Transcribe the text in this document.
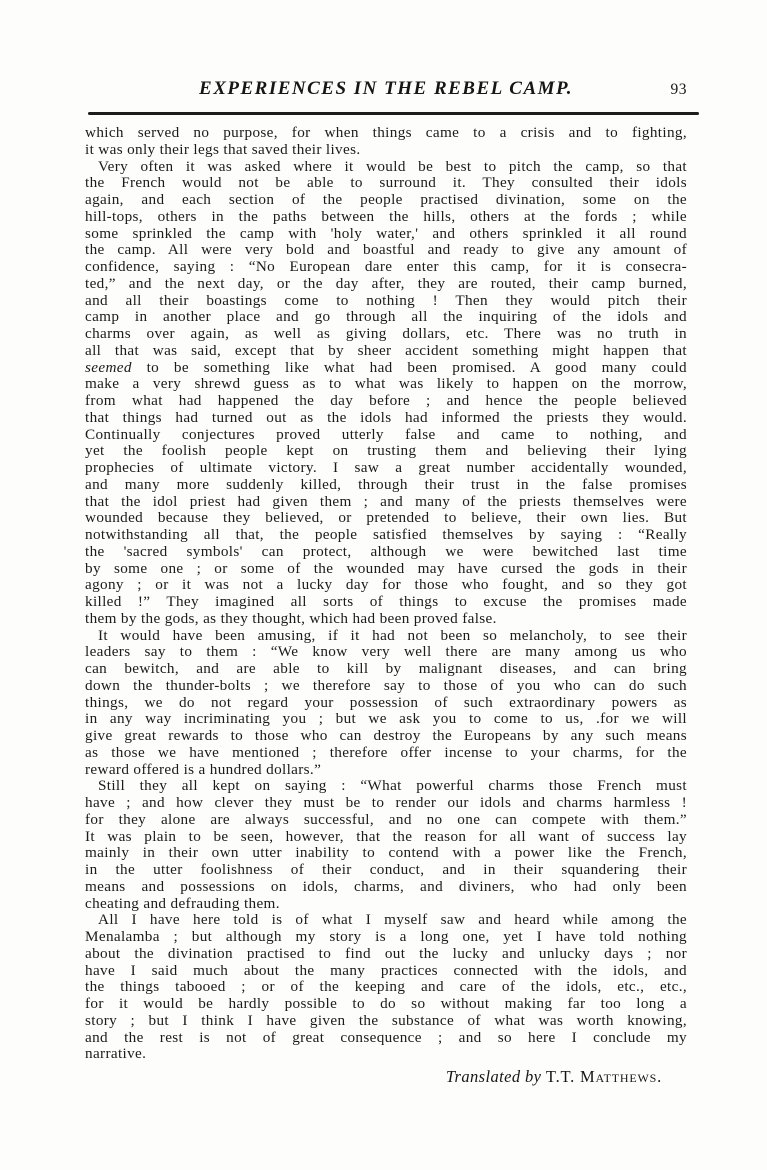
EXPERIENCES IN THE REBEL CAMP.	93
which served no purpose, for when things came to a crisis and to fighting,
it was only their legs that saved their lives.
Very often it was asked where it would be best to pitch the camp, so that
the French would not be able to surround it. They consulted their idols
again, and each section of the people practised divination, some on the
hill-tops, others in the paths between the hills, others at the fords ; while
some sprinkled the camp with 'holy water,' and others sprinkled it all round
the camp. All were very bold and boastful and ready to give any amount of
confidence, saying : “No European dare enter this camp, for it is consecra-
ted,” and the next day, or the day after, they are routed, their camp burned,
and all their boastings come to nothing ! Then they would pitch their
camp in another place and go through all the inquiring of the idols and
charms over again, as well as giving dollars, etc. There was no truth in
all that was said, except that by sheer accident something might happen that
seemed to be something like what had been promised. A good many could
make a very shrewd guess as to what was likely to happen on the morrow,
from what had happened the day before ; and hence the people believed
that things had turned out as the idols had informed the priests they would.
Continually conjectures proved utterly false and came to nothing, and
yet the foolish people kept on trusting them and believing their lying
prophecies of ultimate victory. I saw a great number accidentally wounded,
and many more suddenly killed, through their trust in the false promises
that the idol priest had given them ; and many of the priests themselves were
wounded because they believed, or pretended to believe, their own lies. But
notwithstanding all that, the people satisfied themselves by saying : “Really
the 'sacred symbols' can protect, although we were bewitched last time
by some one ; or some of the wounded may have cursed the gods in their
agony ; or it was not a lucky day for those who fought, and so they got
killed !” They imagined all sorts of things to excuse the promises made
them by the gods, as they thought, which had been proved false.
It would have been amusing, if it had not been so melancholy, to see their
leaders say to them : “We know very well there are many among us who
can bewitch, and are able to kill by malignant diseases, and can bring
down the thunder-bolts ; we therefore say to those of you who can do such
things, we do not regard your possession of such extraordinary powers as
in any way incriminating you ; but we ask you to come to us, .for we will
give great rewards to those who can destroy the Europeans by any such means
as those we have mentioned ; therefore offer incense to your charms, for the
reward offered is a hundred dollars.”
Still they all kept on saying : “What powerful charms those French must
have ; and how clever they must be to render our idols and charms harmless !
for they alone are always successful, and no one can compete with them.”
It was plain to be seen, however, that the reason for all want of success lay
mainly in their own utter inability to contend with a power like the French,
in the utter foolishness of their conduct, and in their squandering their
means and possessions on idols, charms, and diviners, who had only been
cheating and defrauding them.
All I have here told is of what I myself saw and heard while among the
Menalamba ; but although my story is a long one, yet I have told nothing
about the divination practised to find out the lucky and unlucky days ; nor
have I said much about the many practices connected with the idols, and
the things tabooed ; or of the keeping and care of the idols, etc., etc.,
for it would be hardly possible to do so without making far too long a
story ; but I think I have given the substance of what was worth knowing,
and the rest is not of great consequence ; and so here I conclude my
narrative.
Translated by T.T. Matthews.
